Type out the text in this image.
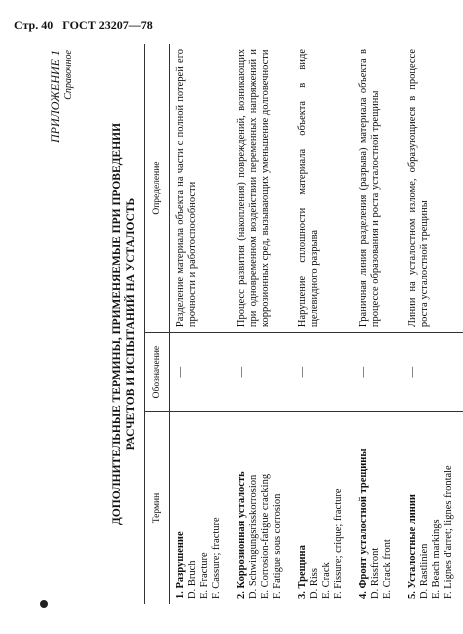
Стр. 40 ГОСТ 23207—78
ПРИЛОЖЕНИЕ 1 Справочное
ДОПОЛНИТЕЛЬНЫЕ ТЕРМИНЫ, ПРИМЕНЯЕМЫЕ ПРИ ПРОВЕДЕНИИ РАСЧЕТОВ И ИСПЫТАНИЙ НА УСТАЛОСТЬ
Термин	Обозначение	Определение

1. Разрушение D. Bruch E. Fracture F. Cassure; fracture	—	Разделение материала объекта на части с полной потерей его прочности и работоспособности

2. Коррозионная усталость D. Schwingungsrisskorrosion E. Corrosion-fatigue cracking F. Fatigue sous corrosion	—	Процесс развития (накопления) повреждений, возникающих при одновременном воздействии переменных напряжений и коррозионных сред, вызывающих уменьшение долговечности

3. Трещина D. Riss E. Crack F. Fissure; crique; fracture	—	Нарушение сплошности материала объекта в виде щелевидного разрыва

4. Фронт усталостной трещины D. Rissfront E. Crack front	—	Граничная линия разделения (разрыва) материала объекта в процессе образования и роста усталостной трещины

5. Усталостные линии D. Rastlinien E. Beach markings F. Lignes d'arret; lignes frontale	—	Линии на усталостном изломе, образующиеся в процессе роста усталостной трещины
